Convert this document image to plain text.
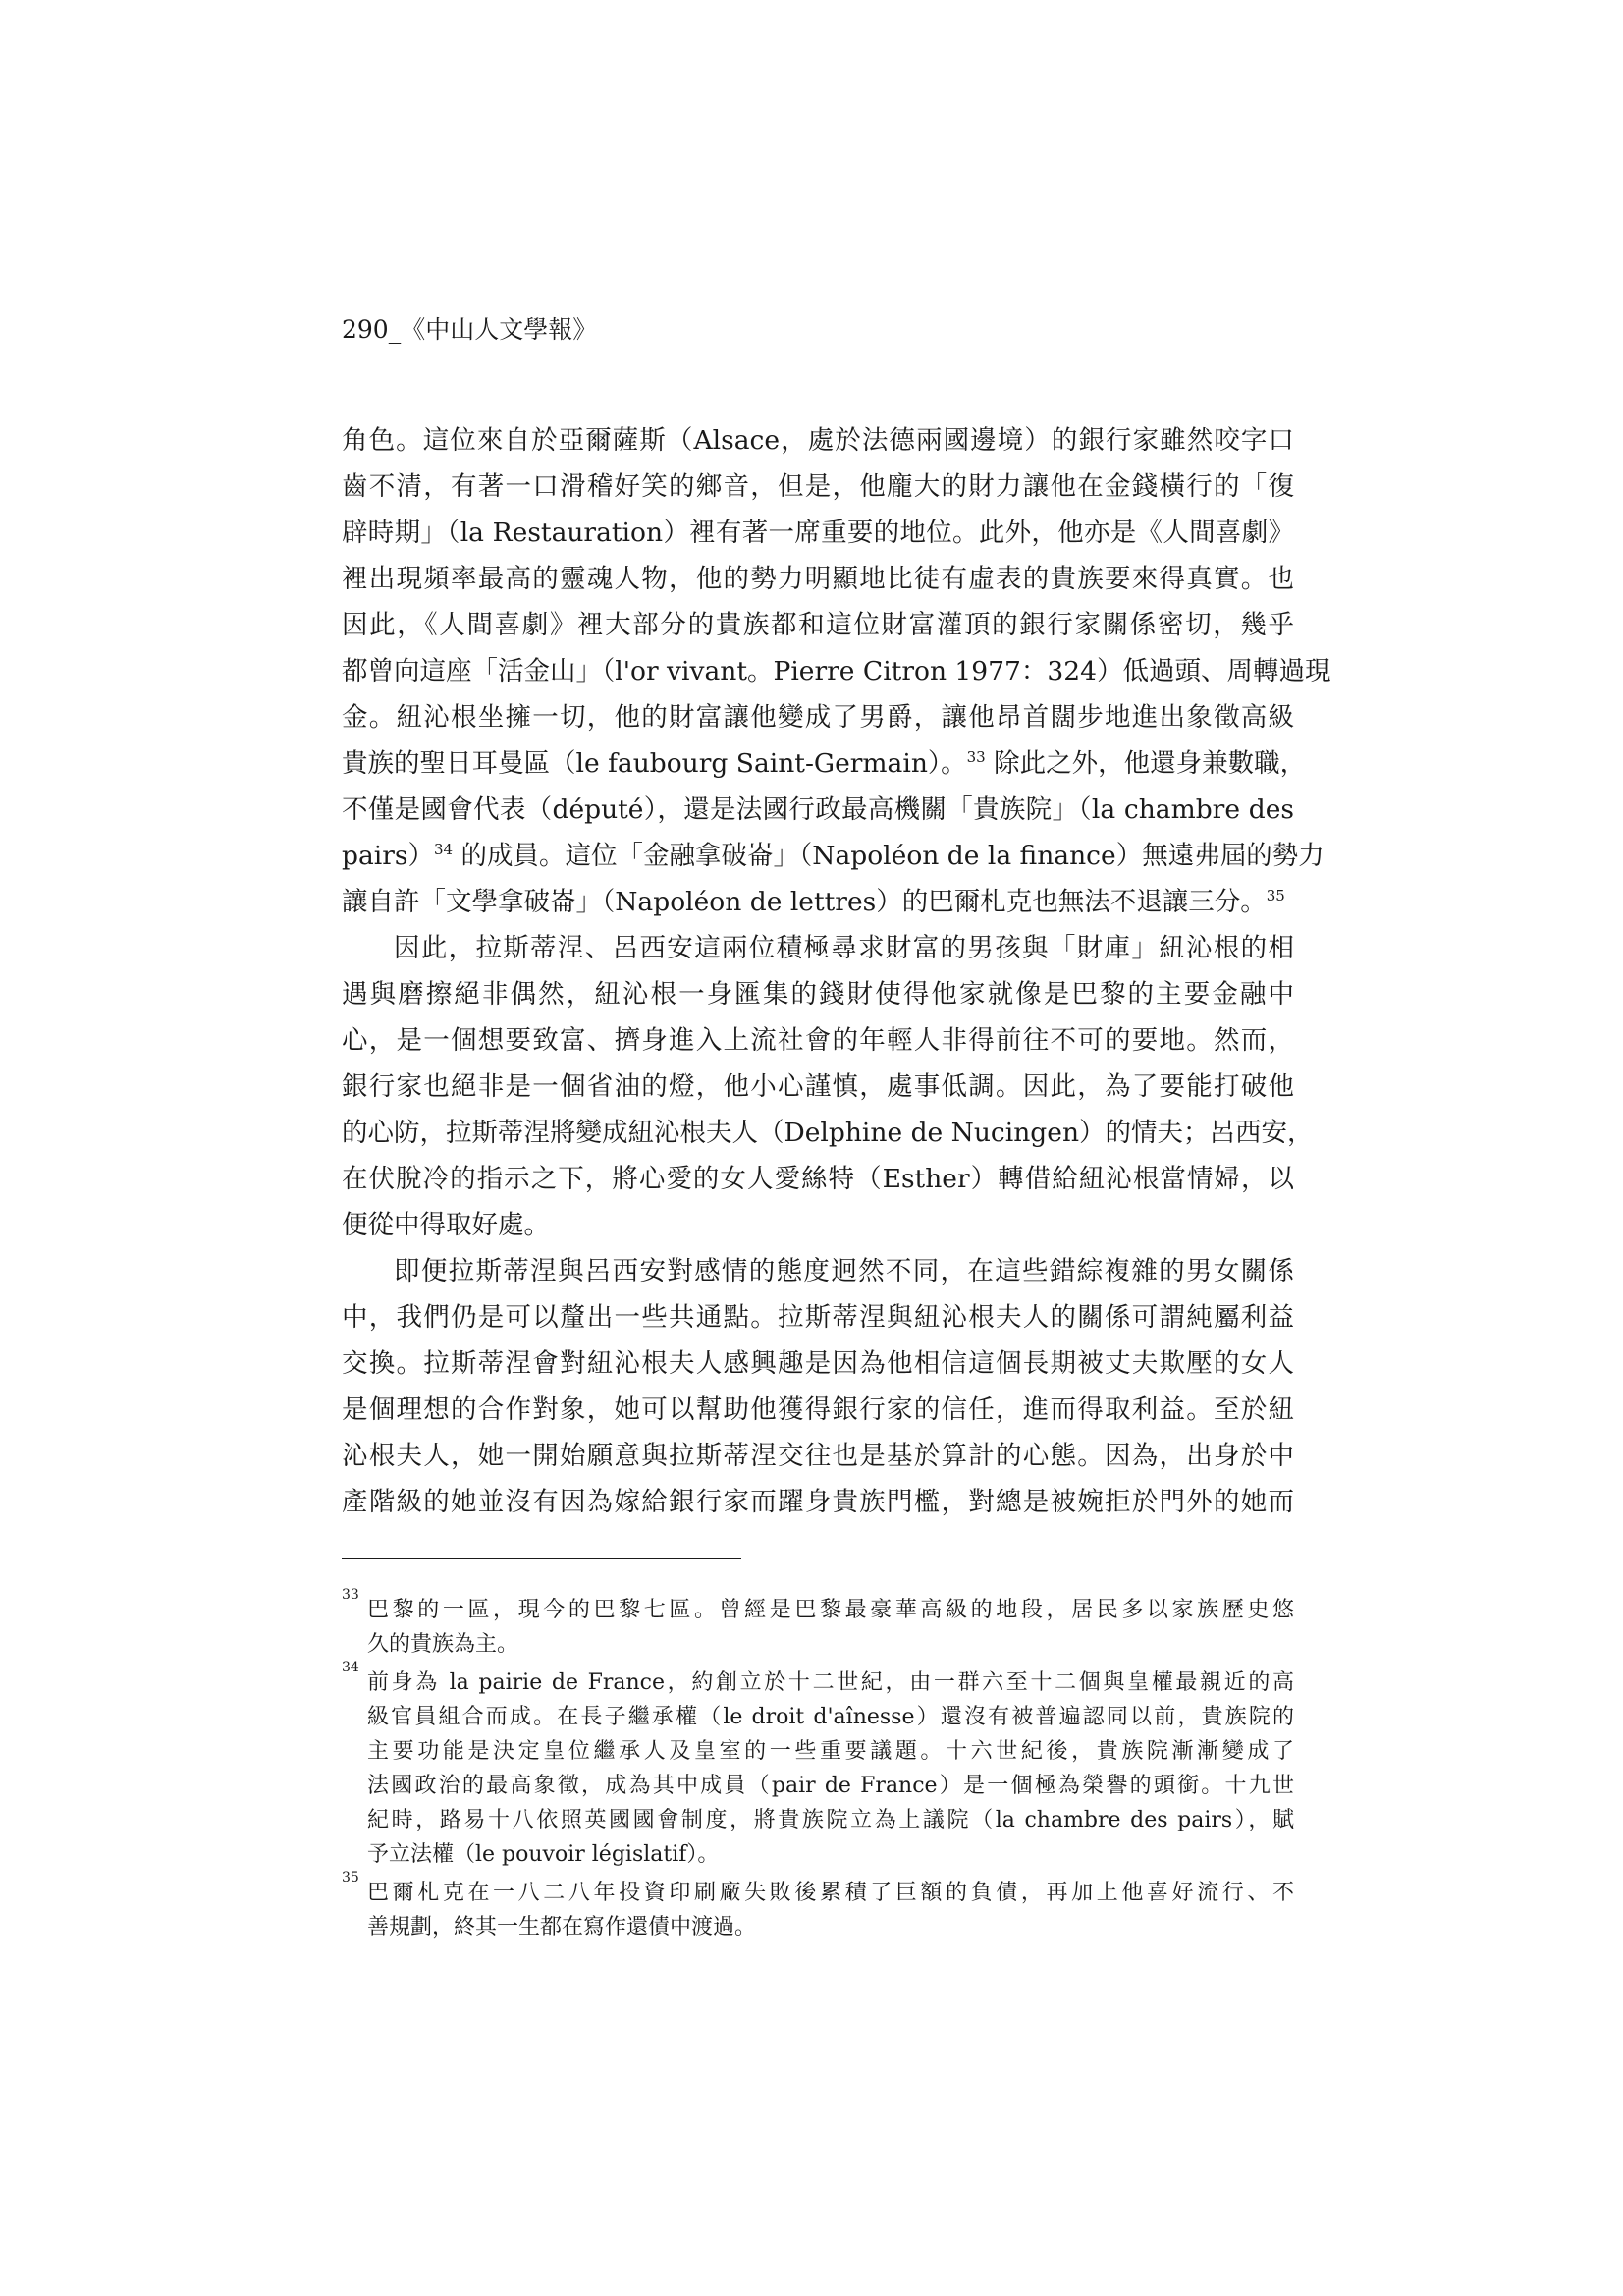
290_《中山人文學報》
角色。這位來自於亞爾薩斯（Alsace，處於法德兩國邊境）的銀行家雖然咬字口
齒不清，有著一口滑稽好笑的鄉音，但是，他龐大的財力讓他在金錢橫行的「復
辟時期」（la Restauration）裡有著一席重要的地位。此外，他亦是《人間喜劇》
裡出現頻率最高的靈魂人物，他的勢力明顯地比徒有虛表的貴族要來得真實。也
因此，《人間喜劇》裡大部分的貴族都和這位財富灌頂的銀行家關係密切，幾乎
都曾向這座「活金山」（l'or vivant。Pierre Citron 1977：324）低過頭、周轉過現
金。紐沁根坐擁一切，他的財富讓他變成了男爵，讓他昂首闊步地進出象徵高級
貴族的聖日耳曼區（le faubourg Saint-Germain）。$^{33}$ 除此之外，他還身兼數職，
不僅是國會代表（député），還是法國行政最高機關「貴族院」（la chambre des
pairs）$^{34}$ 的成員。這位「金融拿破崙」（Napoléon de la finance）無遠弗屆的勢力
讓自許「文學拿破崙」（Napoléon de lettres）的巴爾札克也無法不退讓三分。$^{35}$
因此，拉斯蒂涅、呂西安這兩位積極尋求財富的男孩與「財庫」紐沁根的相
遇與磨擦絕非偶然，紐沁根一身匯集的錢財使得他家就像是巴黎的主要金融中
心，是一個想要致富、擠身進入上流社會的年輕人非得前往不可的要地。然而，
銀行家也絕非是一個省油的燈，他小心謹慎，處事低調。因此，為了要能打破他
的心防，拉斯蒂涅將變成紐沁根夫人（Delphine de Nucingen）的情夫；呂西安，
在伏脫冷的指示之下，將心愛的女人愛絲特（Esther）轉借給紐沁根當情婦，以
便從中得取好處。
即便拉斯蒂涅與呂西安對感情的態度迥然不同，在這些錯綜複雜的男女關係
中，我們仍是可以釐出一些共通點。拉斯蒂涅與紐沁根夫人的關係可謂純屬利益
交換。拉斯蒂涅會對紐沁根夫人感興趣是因為他相信這個長期被丈夫欺壓的女人
是個理想的合作對象，她可以幫助他獲得銀行家的信任，進而得取利益。至於紐
沁根夫人，她一開始願意與拉斯蒂涅交往也是基於算計的心態。因為，出身於中
產階級的她並沒有因為嫁給銀行家而躍身貴族門檻，對總是被婉拒於門外的她而
33
巴黎的一區，現今的巴黎七區。曾經是巴黎最豪華高級的地段，居民多以家族歷史悠
久的貴族為主。
34
前身為 la pairie de France，約創立於十二世紀，由一群六至十二個與皇權最親近的高
級官員組合而成。在長子繼承權（le droit d'aînesse）還沒有被普遍認同以前，貴族院的
主要功能是決定皇位繼承人及皇室的一些重要議題。十六世紀後，貴族院漸漸變成了
法國政治的最高象徵，成為其中成員（pair de France）是一個極為榮譽的頭銜。十九世
紀時，路易十八依照英國國會制度，將貴族院立為上議院（la chambre des pairs），賦
予立法權（le pouvoir législatif）。
35
巴爾札克在一八二八年投資印刷廠失敗後累積了巨額的負債，再加上他喜好流行、不
善規劃，終其一生都在寫作還債中渡過。
